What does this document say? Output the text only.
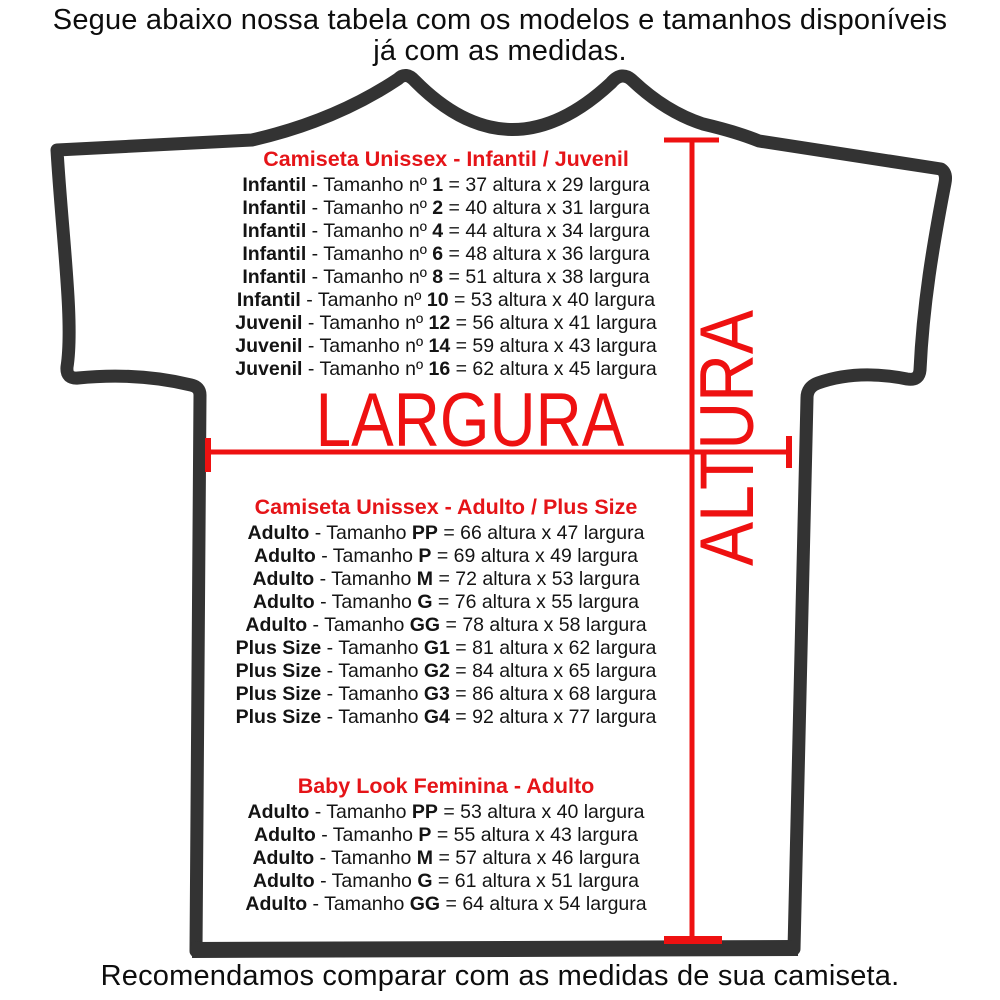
Segue abaixo nossa tabela com os modelos e tamanhos disponíveis
já com as medidas.
LARGURA ALTURA
Camiseta Unissex - Infantil / Juvenil
Infantil - Tamanho nº 1 = 37 altura x 29 largura
Infantil - Tamanho nº 2 = 40 altura x 31 largura
Infantil - Tamanho nº 4 = 44 altura x 34 largura
Infantil - Tamanho nº 6 = 48 altura x 36 largura
Infantil - Tamanho nº 8 = 51 altura x 38 largura
Infantil - Tamanho nº 10 = 53 altura x 40 largura
Juvenil - Tamanho nº 12 = 56 altura x 41 largura
Juvenil - Tamanho nº 14 = 59 altura x 43 largura
Juvenil - Tamanho nº 16 = 62 altura x 45 largura
Camiseta Unissex - Adulto / Plus Size
Adulto - Tamanho PP = 66 altura x 47 largura
Adulto - Tamanho P = 69 altura x 49 largura
Adulto - Tamanho M = 72 altura x 53 largura
Adulto - Tamanho G = 76 altura x 55 largura
Adulto - Tamanho GG = 78 altura x 58 largura
Plus Size - Tamanho G1 = 81 altura x 62 largura
Plus Size - Tamanho G2 = 84 altura x 65 largura
Plus Size - Tamanho G3 = 86 altura x 68 largura
Plus Size - Tamanho G4 = 92 altura x 77 largura
Baby Look Feminina - Adulto
Adulto - Tamanho PP = 53 altura x 40 largura
Adulto - Tamanho P = 55 altura x 43 largura
Adulto - Tamanho M = 57 altura x 46 largura
Adulto - Tamanho G = 61 altura x 51 largura
Adulto - Tamanho GG = 64 altura x 54 largura
Recomendamos comparar com as medidas de sua camiseta.
